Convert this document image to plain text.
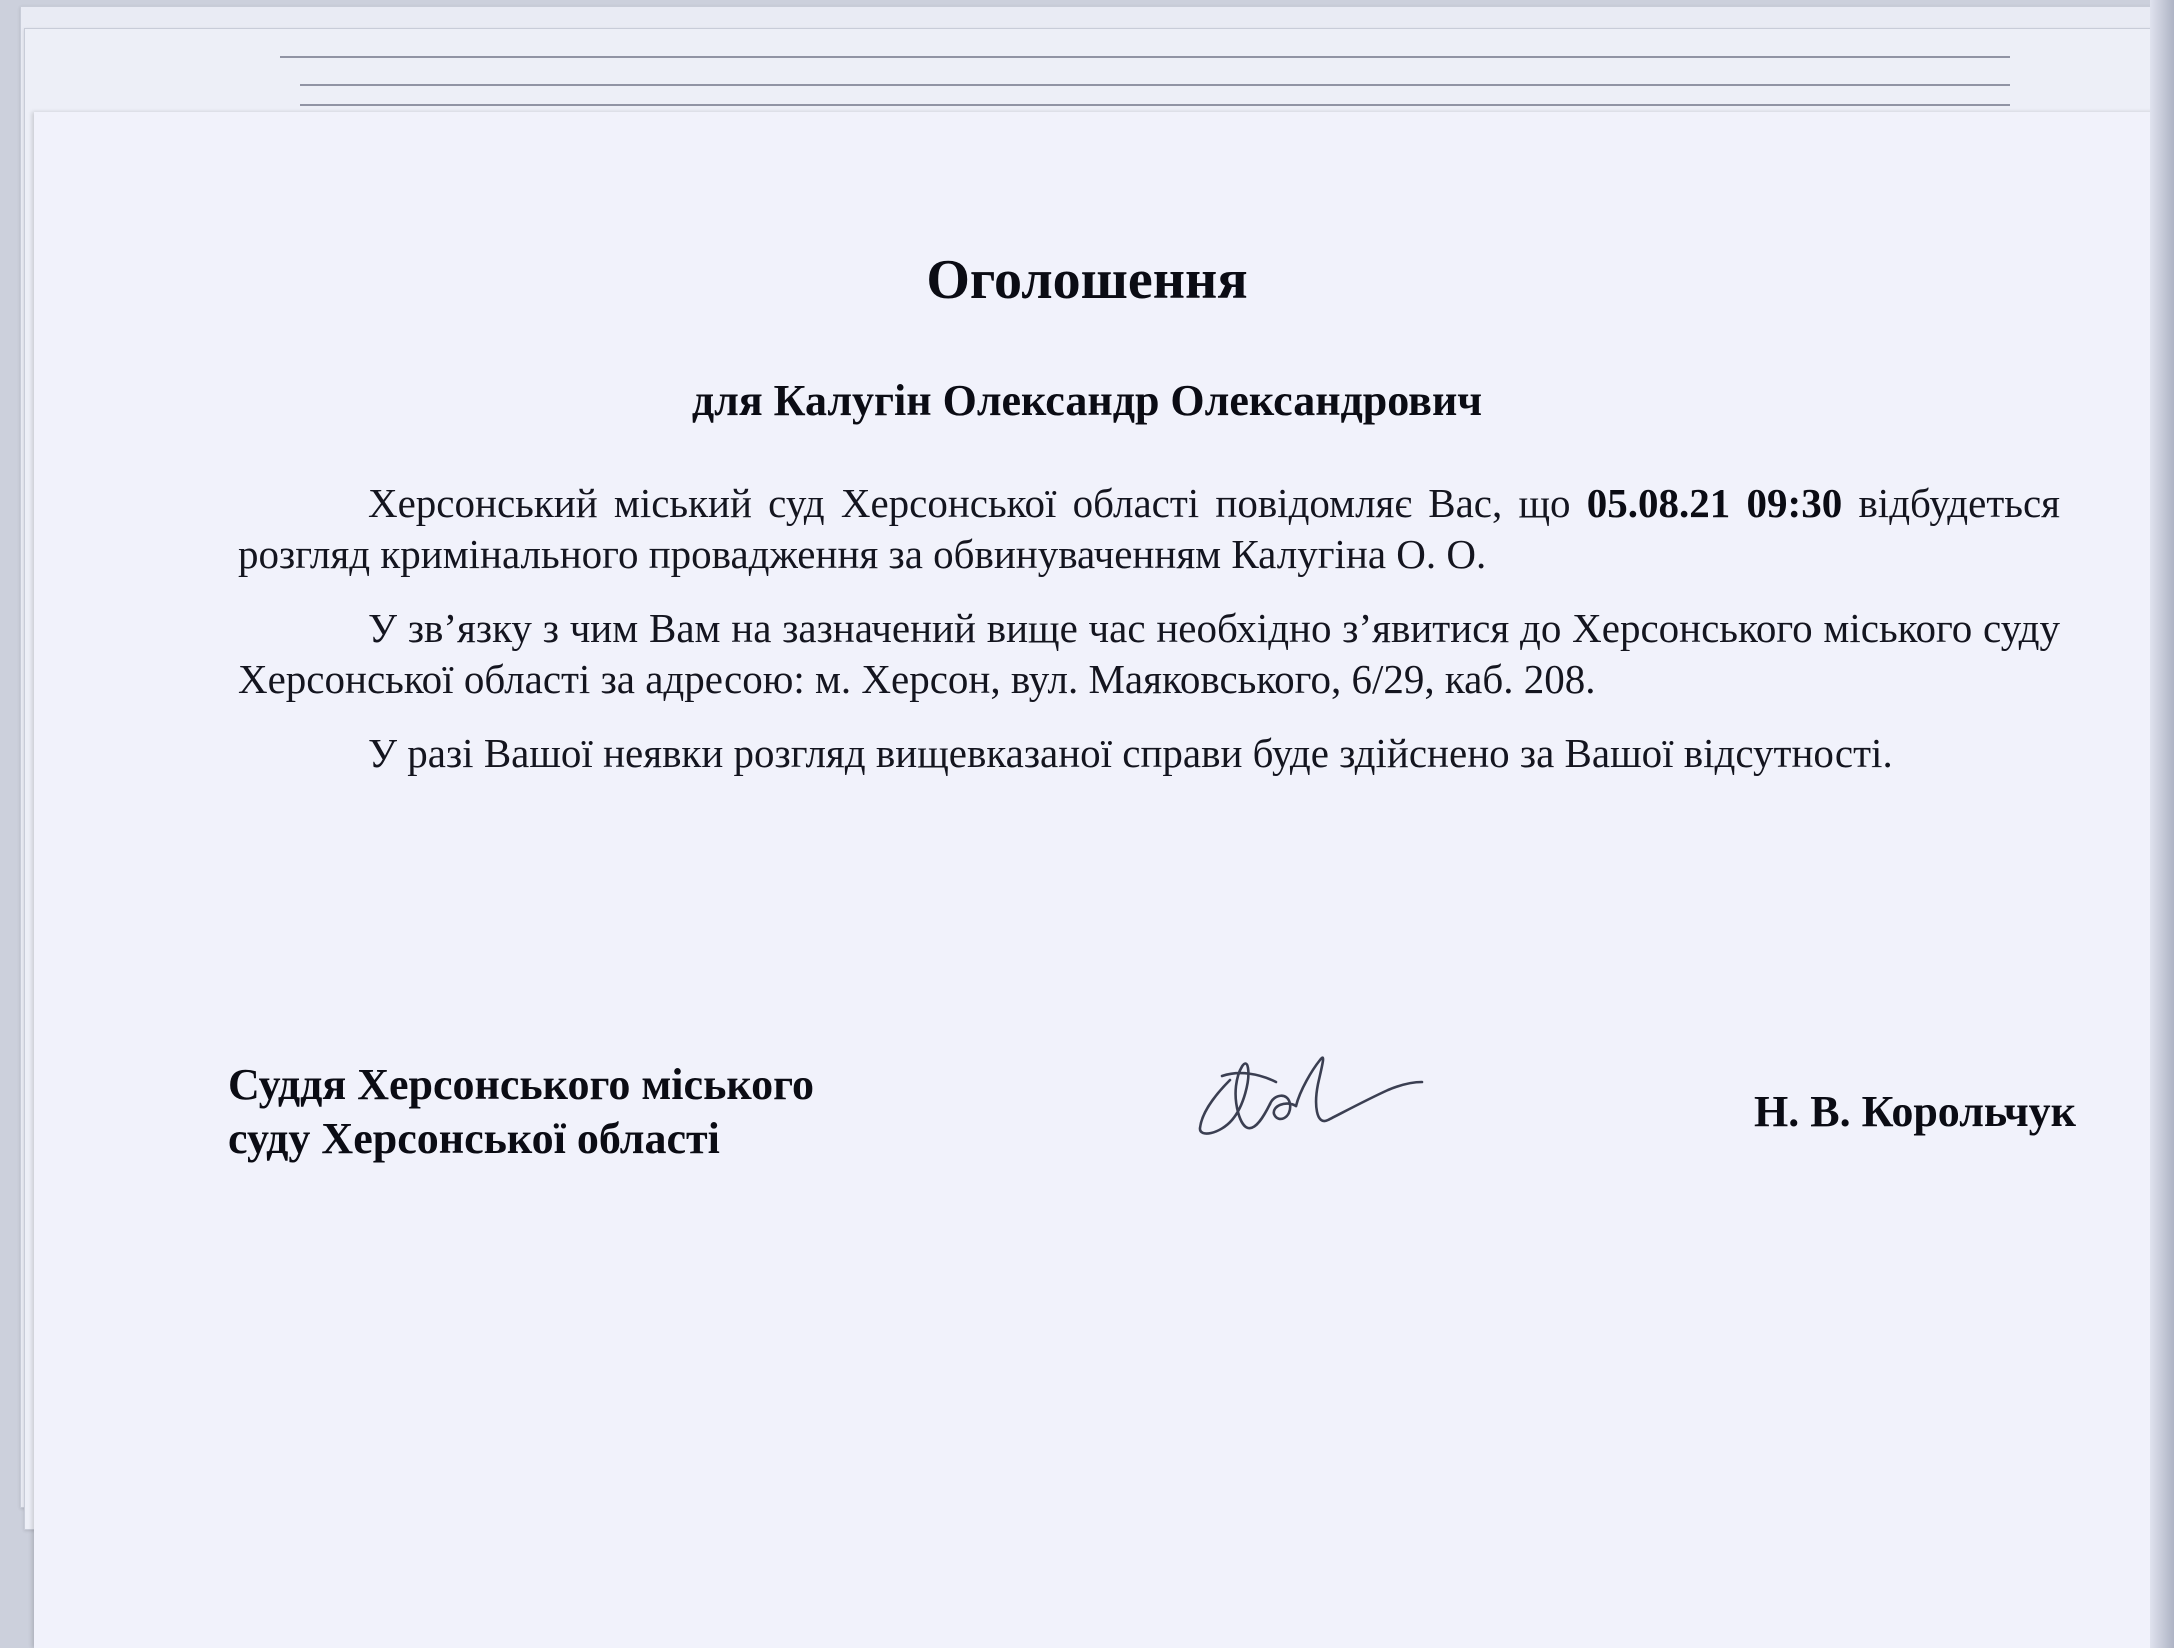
Оголошення
для Калугін Олександр Олександрович

Херсонський міський суд Херсонської області повідомляє Вас, що 05.08.21 09:30 відбудеться розгляд кримінального провадження за обвинуваченням Калугіна О. О.

У зв’язку з чим Вам на зазначений вище час необхідно з’явитися до Херсонського міського суду Херсонської області за адресою: м. Херсон, вул. Маяковського, 6/29, каб. 208.

У разі Вашої неявки розгляд вищевказаної справи буде здійснено за Вашої відсутності.

Суддя Херсонського міського
суду Херсонської області
Н. В. Корольчук
